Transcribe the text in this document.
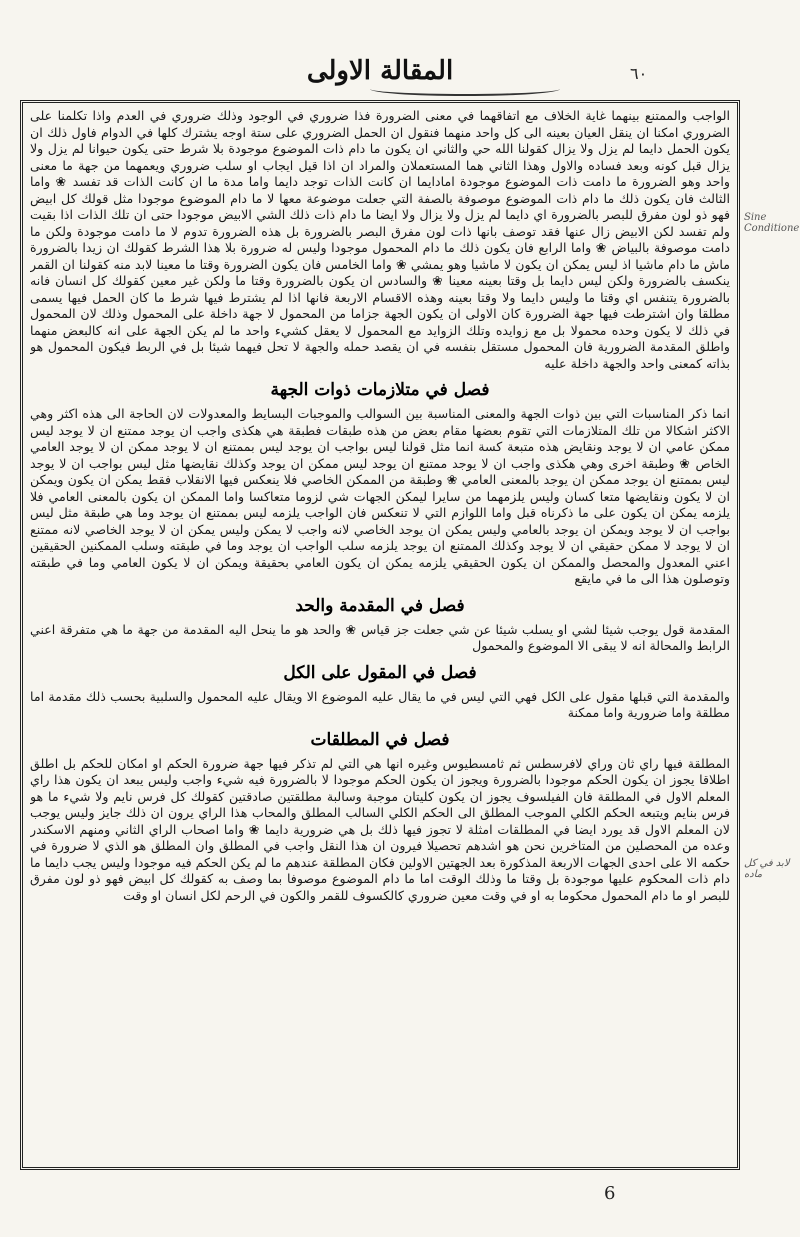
٦٠
المقالة الاولى

الواجب والممتنع بينهما غاية الخلاف مع اتفاقهما في معنى الضرورة فذا ضروري في الوجود وذلك ضروري في العدم واذا تكلمنا على الضروري امكنا ان ينقل العيان بعينه الى كل واحد منهما فنقول ان الحمل الضروري على ستة اوجه يشترك كلها في الدوام فاول ذلك ان يكون الحمل دايما لم يزل ولا يزال كقولنا الله حي والثاني ان يكون ما دام ذات الموضوع موجودة بلا شرط حتى يكون حيوانا لم يزل ولا يزال قبل كونه وبعد فساده والاول وهذا الثاني هما المستعملان والمراد ان اذا قيل ايجاب او سلب ضروري ويعمهما من جهة ما معنى واحد وهو الضرورة ما دامت ذات الموضوع موجودة امادايما ان كانت الذات توجد دايما واما مدة ما ان كانت الذات قد تفسد ❀ واما الثالث فان يكون ذلك ما دام ذات الموضوع موصوفة بالصفة التي جعلت موضوعة معها لا ما دام الموضوع موجودا مثل قولك كل ابيض فهو ذو لون مفرق للبصر بالضرورة اي دايما لم يزل ولا يزال ولا ايضا ما دام ذات ذلك الشي الابيض موجودا حتى ان تلك الذات اذا بقيت ولم تفسد لكن الابيض زال عنها فقد توصف بانها ذات لون مفرق البصر بالضرورة بل هذه الضرورة تدوم لا ما دامت موجودة ولكن ما دامت موصوفة بالبياض ❀ واما الرابع فان يكون ذلك ما دام المحمول موجودا وليس له ضرورة بلا هذا الشرط كقولك ان زيدا بالضرورة ماش ما دام ماشيا اذ ليس يمكن ان يكون لا ماشيا وهو يمشي ❀ واما الخامس فان يكون الضرورة وقتا ما معينا لابد منه كقولنا ان القمر ينكسف بالضرورة ولكن ليس دايما بل وقتا بعينه معينا ❀ والسادس ان يكون بالضرورة وقتا ما ولكن غير معين كقولك كل انسان فانه بالضرورة يتنفس اي وقتا ما وليس دايما ولا وقتا بعينه وهذه الاقسام الاربعة فانها اذا لم يشترط فيها شرط ما كان الحمل فيها يسمى مطلقا وان اشترطت فيها جهة الضرورة كان الاولى ان يكون الجهة جزاما من المحمول لا جهة داخلة على المحمول وذلك لان المحمول في ذلك لا يكون وحده محمولا بل مع زوايده وتلك الزوايد مع المحمول لا يعقل كشيء واحد ما لم يكن الجهة على انه كالبعض منهما واطلق المقدمة الضرورية فان المحمول مستقل بنفسه في ان يقصد حمله والجهة لا تحل فيهما شيئا بل في الربط فيكون المحمول هو بذاته كمعنى واحد والجهة داخلة عليه

فصل في متلازمات ذوات الجهة

انما ذكر المناسبات التي بين ذوات الجهة والمعنى المناسبة بين السوالب والموجبات البسايط والمعدولات لان الحاجة الى هذه اكثر وهي الاكثر اشكالا من تلك المتلازمات التي تقوم بعضها مقام بعض من هذه طبقات فطبقة هي هكذى واجب ان يوجد ممتنع ان لا يوجد ليس ممكن عامي ان لا يوجد ونقايض هذه متبعة كسة انما مثل قولنا ليس بواجب ان يوجد ليس بممتنع ان لا يوجد ممكن ان لا يوجد العامي الخاص ❀ وطبقة اخرى وهي هكذى واجب ان لا يوجد ممتنع ان يوجد ليس ممكن ان يوجد وكذلك نقايضها مثل ليس بواجب ان لا يوجد ليس بممتنع ان يوجد ممكن ان يوجد بالمعنى العامي ❀ وطبقة من الممكن الخاصي فلا ينعكس فيها الانقلاب فقط يمكن ان يكون ويمكن ان لا يكون ونقايضها متعا كسان وليس يلزمهما من سايرا ليمكن الجهات شي لزوما متعاكسا واما الممكن ان يكون بالمعنى العامي فلا يلزمه يمكن ان يكون على ما ذكرناه قبل واما اللوازم التي لا تنعكس فان الواجب يلزمه ليس بممتنع ان يوجد وما هي طبقة مثل ليس بواجب ان لا يوجد ويمكن ان يوجد بالعامي وليس يمكن ان يوجد الخاصي لانه واجب لا يمكن وليس يمكن ان لا يوجد الخاصي لانه ممتنع ان لا يوجد لا ممكن حقيقي ان لا يوجد وكذلك الممتنع ان يوجد يلزمه سلب الواجب ان يوجد وما في طبقته وسلب الممكنين الحقيقين اعني المعدول والمحصل والممكن ان يكون الحقيقي يلزمه يمكن ان يكون العامي بحقيقة ويمكن ان لا يكون العامي وما في طبقته وتوصلون هذا الى ما في مايقع

فصل في المقدمة والحد

المقدمة قول يوجب شيئا لشي او يسلب شيئا عن شي جعلت جز قياس ❀ والحد هو ما ينحل اليه المقدمة من جهة ما هي متفرقة اعني الرابط والمحالة انه لا يبقى الا الموضوع والمحمول

فصل في المقول على الكل

والمقدمة التي قبلها مقول على الكل فهي التي ليس في ما يقال عليه الموضوع الا ويقال عليه المحمول والسلبية بحسب ذلك مقدمة اما مطلقة واما ضرورية واما ممكنة

فصل في المطلقات

المطلقة فيها راي ثان وراي لافرسطس ثم ثامسطيوس وغيره انها هي التي لم تذكر فيها جهة ضرورة الحكم او امكان للحكم بل اطلق اطلاقا يجوز ان يكون الحكم موجودا بالضرورة ويجوز ان يكون الحكم موجودا لا بالضرورة فيه شيء واجب وليس يبعد ان يكون هذا راي المعلم الاول في المطلقة فان الفيلسوف يجوز ان يكون كليتان موجبة وسالبة مطلقتين صادقتين كقولك كل فرس نايم ولا شيء ما هو فرس بنايم ويتبعه الحكم الكلي الموجب المطلق الى الحكم الكلي السالب المطلق والمحاب هذا الراي يرون ان ذلك جايز وليس يوجب لان المعلم الاول قد يورد ايضا في المطلقات امثلة لا تجوز فيها ذلك بل هي ضرورية دايما ❀ واما اصحاب الراي الثاني ومنهم الاسكندر وعده من المحصلين من المتاخرين نحن هو اشدهم تحصيلا فيرون ان هذا النقل واجب في المطلق وان المطلق هو الذي لا ضرورة في حكمه الا على احدى الجهات الاربعة المذكورة بعد الجهتين الاولين فكان المطلقة عندهم ما لم يكن الحكم فيه موجودا وليس يجب دايما ما دام ذات المحكوم عليها موجودة بل وقتا ما وذلك الوقت اما ما دام الموضوع موصوفا بما وصف به كقولك كل ابيض فهو ذو لون مفرق للبصر او ما دام المحمول محكوما به او في وقت معين ضروري كالكسوف للقمر والكون في الرحم لكل انسان او وقت

Sine Conditione
لابد في كل ماده
6
